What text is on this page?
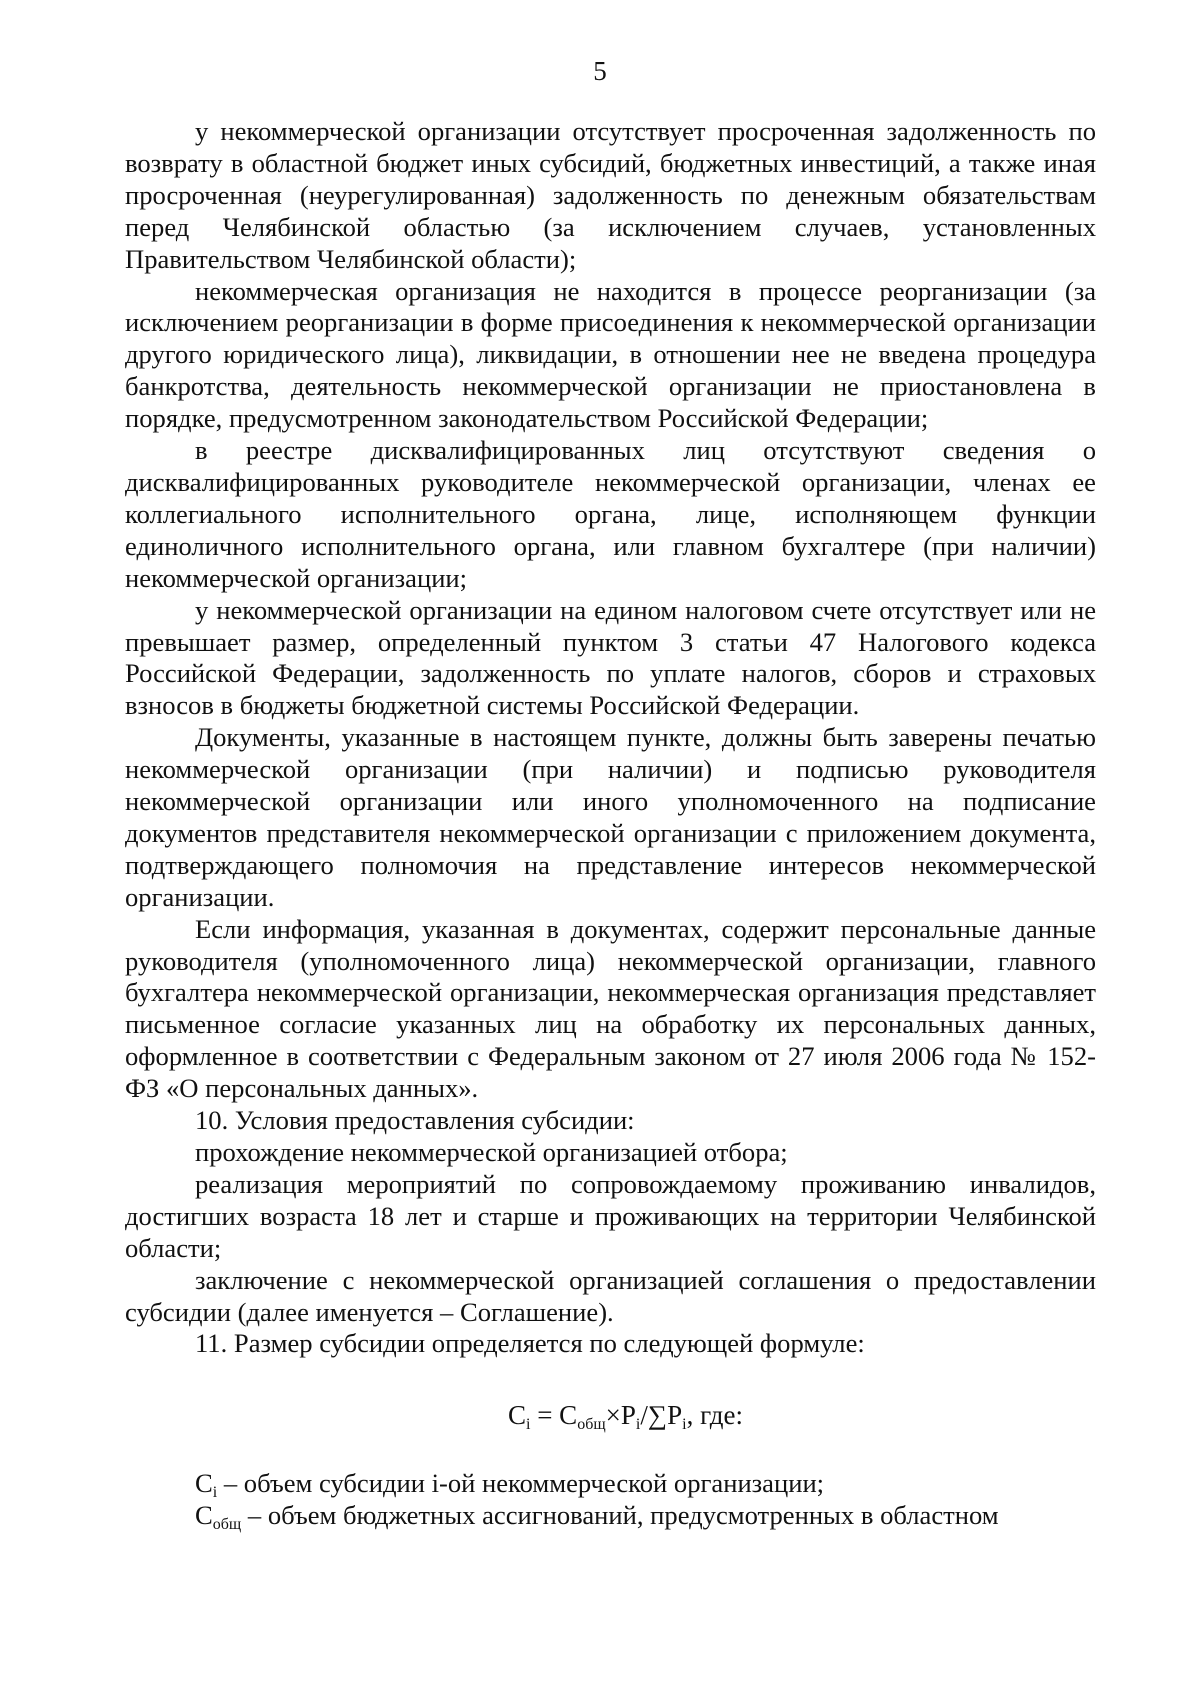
5

у некоммерческой организации отсутствует просроченная задолженность по возврату в областной бюджет иных субсидий, бюджетных инвестиций, а также иная просроченная (неурегулированная) задолженность по денежным обязательствам перед Челябинской областью (за исключением случаев, установленных Правительством Челябинской области);

некоммерческая организация не находится в процессе реорганизации (за исключением реорганизации в форме присоединения к некоммерческой организации другого юридического лица), ликвидации, в отношении нее не введена процедура банкротства, деятельность некоммерческой организации не приостановлена в порядке, предусмотренном законодательством Российской Федерации;

в реестре дисквалифицированных лиц отсутствуют сведения о дисквалифицированных руководителе некоммерческой организации, членах ее коллегиального исполнительного органа, лице, исполняющем функции единоличного исполнительного органа, или главном бухгалтере (при наличии) некоммерческой организации;

у некоммерческой организации на едином налоговом счете отсутствует или не превышает размер, определенный пунктом 3 статьи 47 Налогового кодекса Российской Федерации, задолженность по уплате налогов, сборов и страховых взносов в бюджеты бюджетной системы Российской Федерации.

Документы, указанные в настоящем пункте, должны быть заверены печатью некоммерческой организации (при наличии) и подписью руководителя некоммерческой организации или иного уполномоченного на подписание документов представителя некоммерческой организации с приложением документа, подтверждающего полномочия на представление интересов некоммерческой организации.

Если информация, указанная в документах, содержит персональные данные руководителя (уполномоченного лица) некоммерческой организации, главного бухгалтера некоммерческой организации, некоммерческая организация представляет письменное согласие указанных лиц на обработку их персональных данных, оформленное в соответствии с Федеральным законом от 27 июля 2006 года № 152-ФЗ «О персональных данных».

10. Условия предоставления субсидии:

прохождение некоммерческой организацией отбора;

реализация мероприятий по сопровождаемому проживанию инвалидов, достигших возраста 18 лет и старше и проживающих на территории Челябинской области;

заключение с некоммерческой организацией соглашения о предоставлении субсидии (далее именуется – Соглашение).

11. Размер субсидии определяется по следующей формуле:

$C_i = C_{общ}\times P_i/\sum P_i$, где:

$C_i$ – объем субсидии i-ой некоммерческой организации;

$C_{общ}$ – объем бюджетных ассигнований, предусмотренных в областном
